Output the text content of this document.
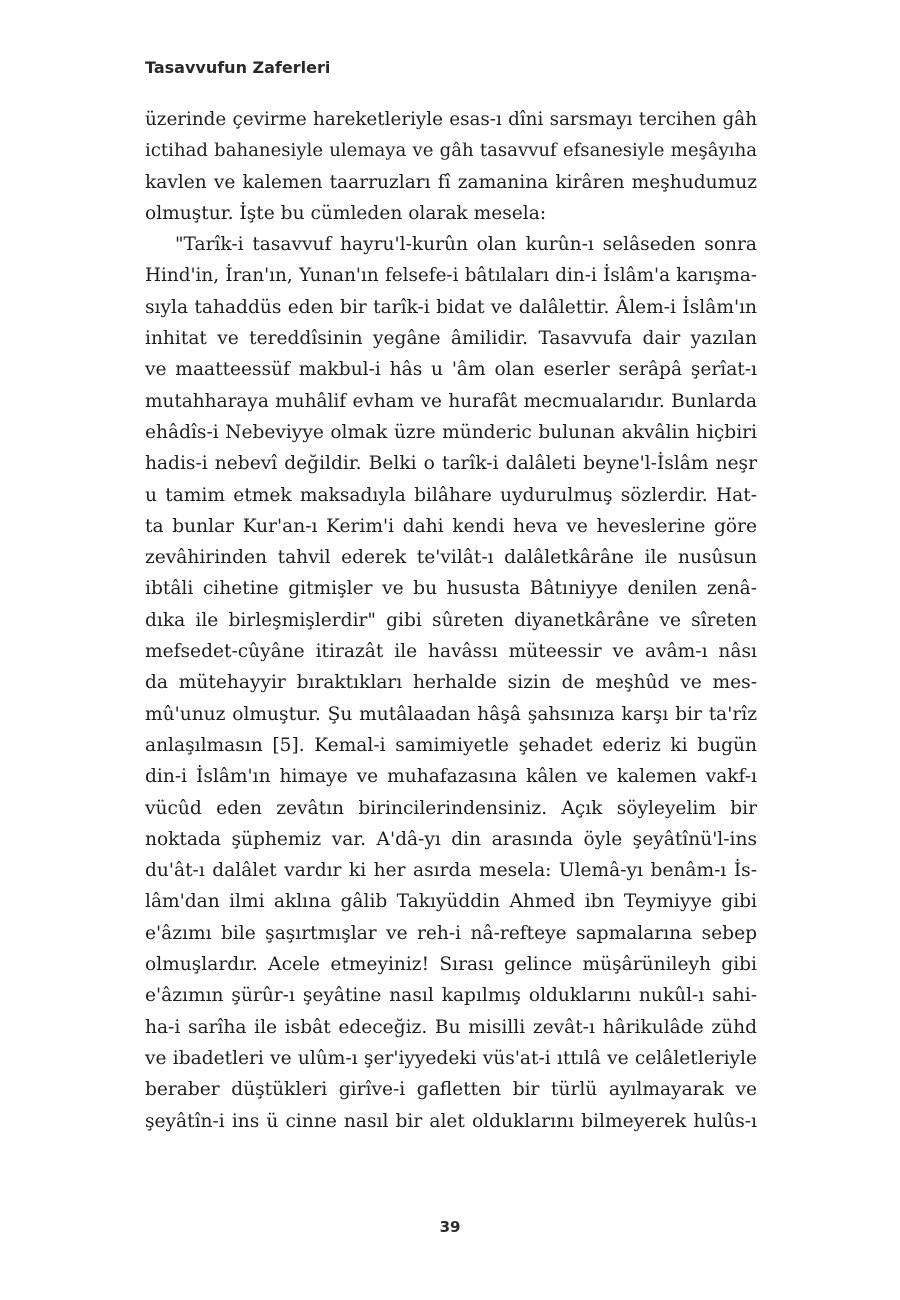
Tasavvufun Zaferleri
üzerinde çevirme hareketleriyle esas-ı dîni sarsmayı tercihen gâh
ictihad bahanesiyle ulemaya ve gâh tasavvuf efsanesiyle meşâyıha
kavlen ve kalemen taarruzları fî zamanina kirâren meşhudumuz
olmuştur. İşte bu cümleden olarak mesela:
"Tarîk-i tasavvuf hayru'l-kurûn olan kurûn-ı selâseden sonra
Hind'in, İran'ın, Yunan'ın felsefe-i bâtılaları din-i İslâm'a karışma-
sıyla tahaddüs eden bir tarîk-i bidat ve dalâlettir. Âlem-i İslâm'ın
inhitat ve tereddîsinin yegâne âmilidir. Tasavvufa dair yazılan
ve maatteessüf makbul-i hâs u 'âm olan eserler serâpâ şerîat-ı
mutahharaya muhâlif evham ve hurafât mecmualarıdır. Bunlarda
ehâdîs-i Nebeviyye olmak üzre münderic bulunan akvâlin hiçbiri
hadis-i nebevî değildir. Belki o tarîk-i dalâleti beyne'l-İslâm neşr
u tamim etmek maksadıyla bilâhare uydurulmuş sözlerdir. Hat-
ta bunlar Kur'an-ı Kerim'i dahi kendi heva ve heveslerine göre
zevâhirinden tahvil ederek te'vilât-ı dalâletkârâne ile nusûsun
ibtâli cihetine gitmişler ve bu hususta Bâtıniyye denilen zenâ-
dıka ile birleşmişlerdir" gibi sûreten diyanetkârâne ve sîreten
mefsedet-cûyâne itirazât ile havâssı müteessir ve avâm-ı nâsı
da mütehayyir bıraktıkları herhalde sizin de meşhûd ve mes-
mû'unuz olmuştur. Şu mutâlaadan hâşâ şahsınıza karşı bir ta'rîz
anlaşılmasın [5]. Kemal-i samimiyetle şehadet ederiz ki bugün
din-i İslâm'ın himaye ve muhafazasına kâlen ve kalemen vakf-ı
vücûd eden zevâtın birincilerindensiniz. Açık söyleyelim bir
noktada şüphemiz var. A'dâ-yı din arasında öyle şeyâtînü'l-ins
du'ât-ı dalâlet vardır ki her asırda mesela: Ulemâ-yı benâm-ı İs-
lâm'dan ilmi aklına gâlib Takıyüddin Ahmed ibn Teymiyye gibi
e'âzımı bile şaşırtmışlar ve reh-i nâ-refteye sapmalarına sebep
olmuşlardır. Acele etmeyiniz! Sırası gelince müşârünileyh gibi
e'âzımın şürûr-ı şeyâtine nasıl kapılmış olduklarını nukûl-ı sahi-
ha-i sarîha ile isbât edeceğiz. Bu misilli zevât-ı hârikulâde zühd
ve ibadetleri ve ulûm-ı şer'iyyedeki vüs'at-i ıttılâ ve celâletleriyle
beraber düştükleri girîve-i gafletten bir türlü ayılmayarak ve
şeyâtîn-i ins ü cinne nasıl bir alet olduklarını bilmeyerek hulûs-ı
39
